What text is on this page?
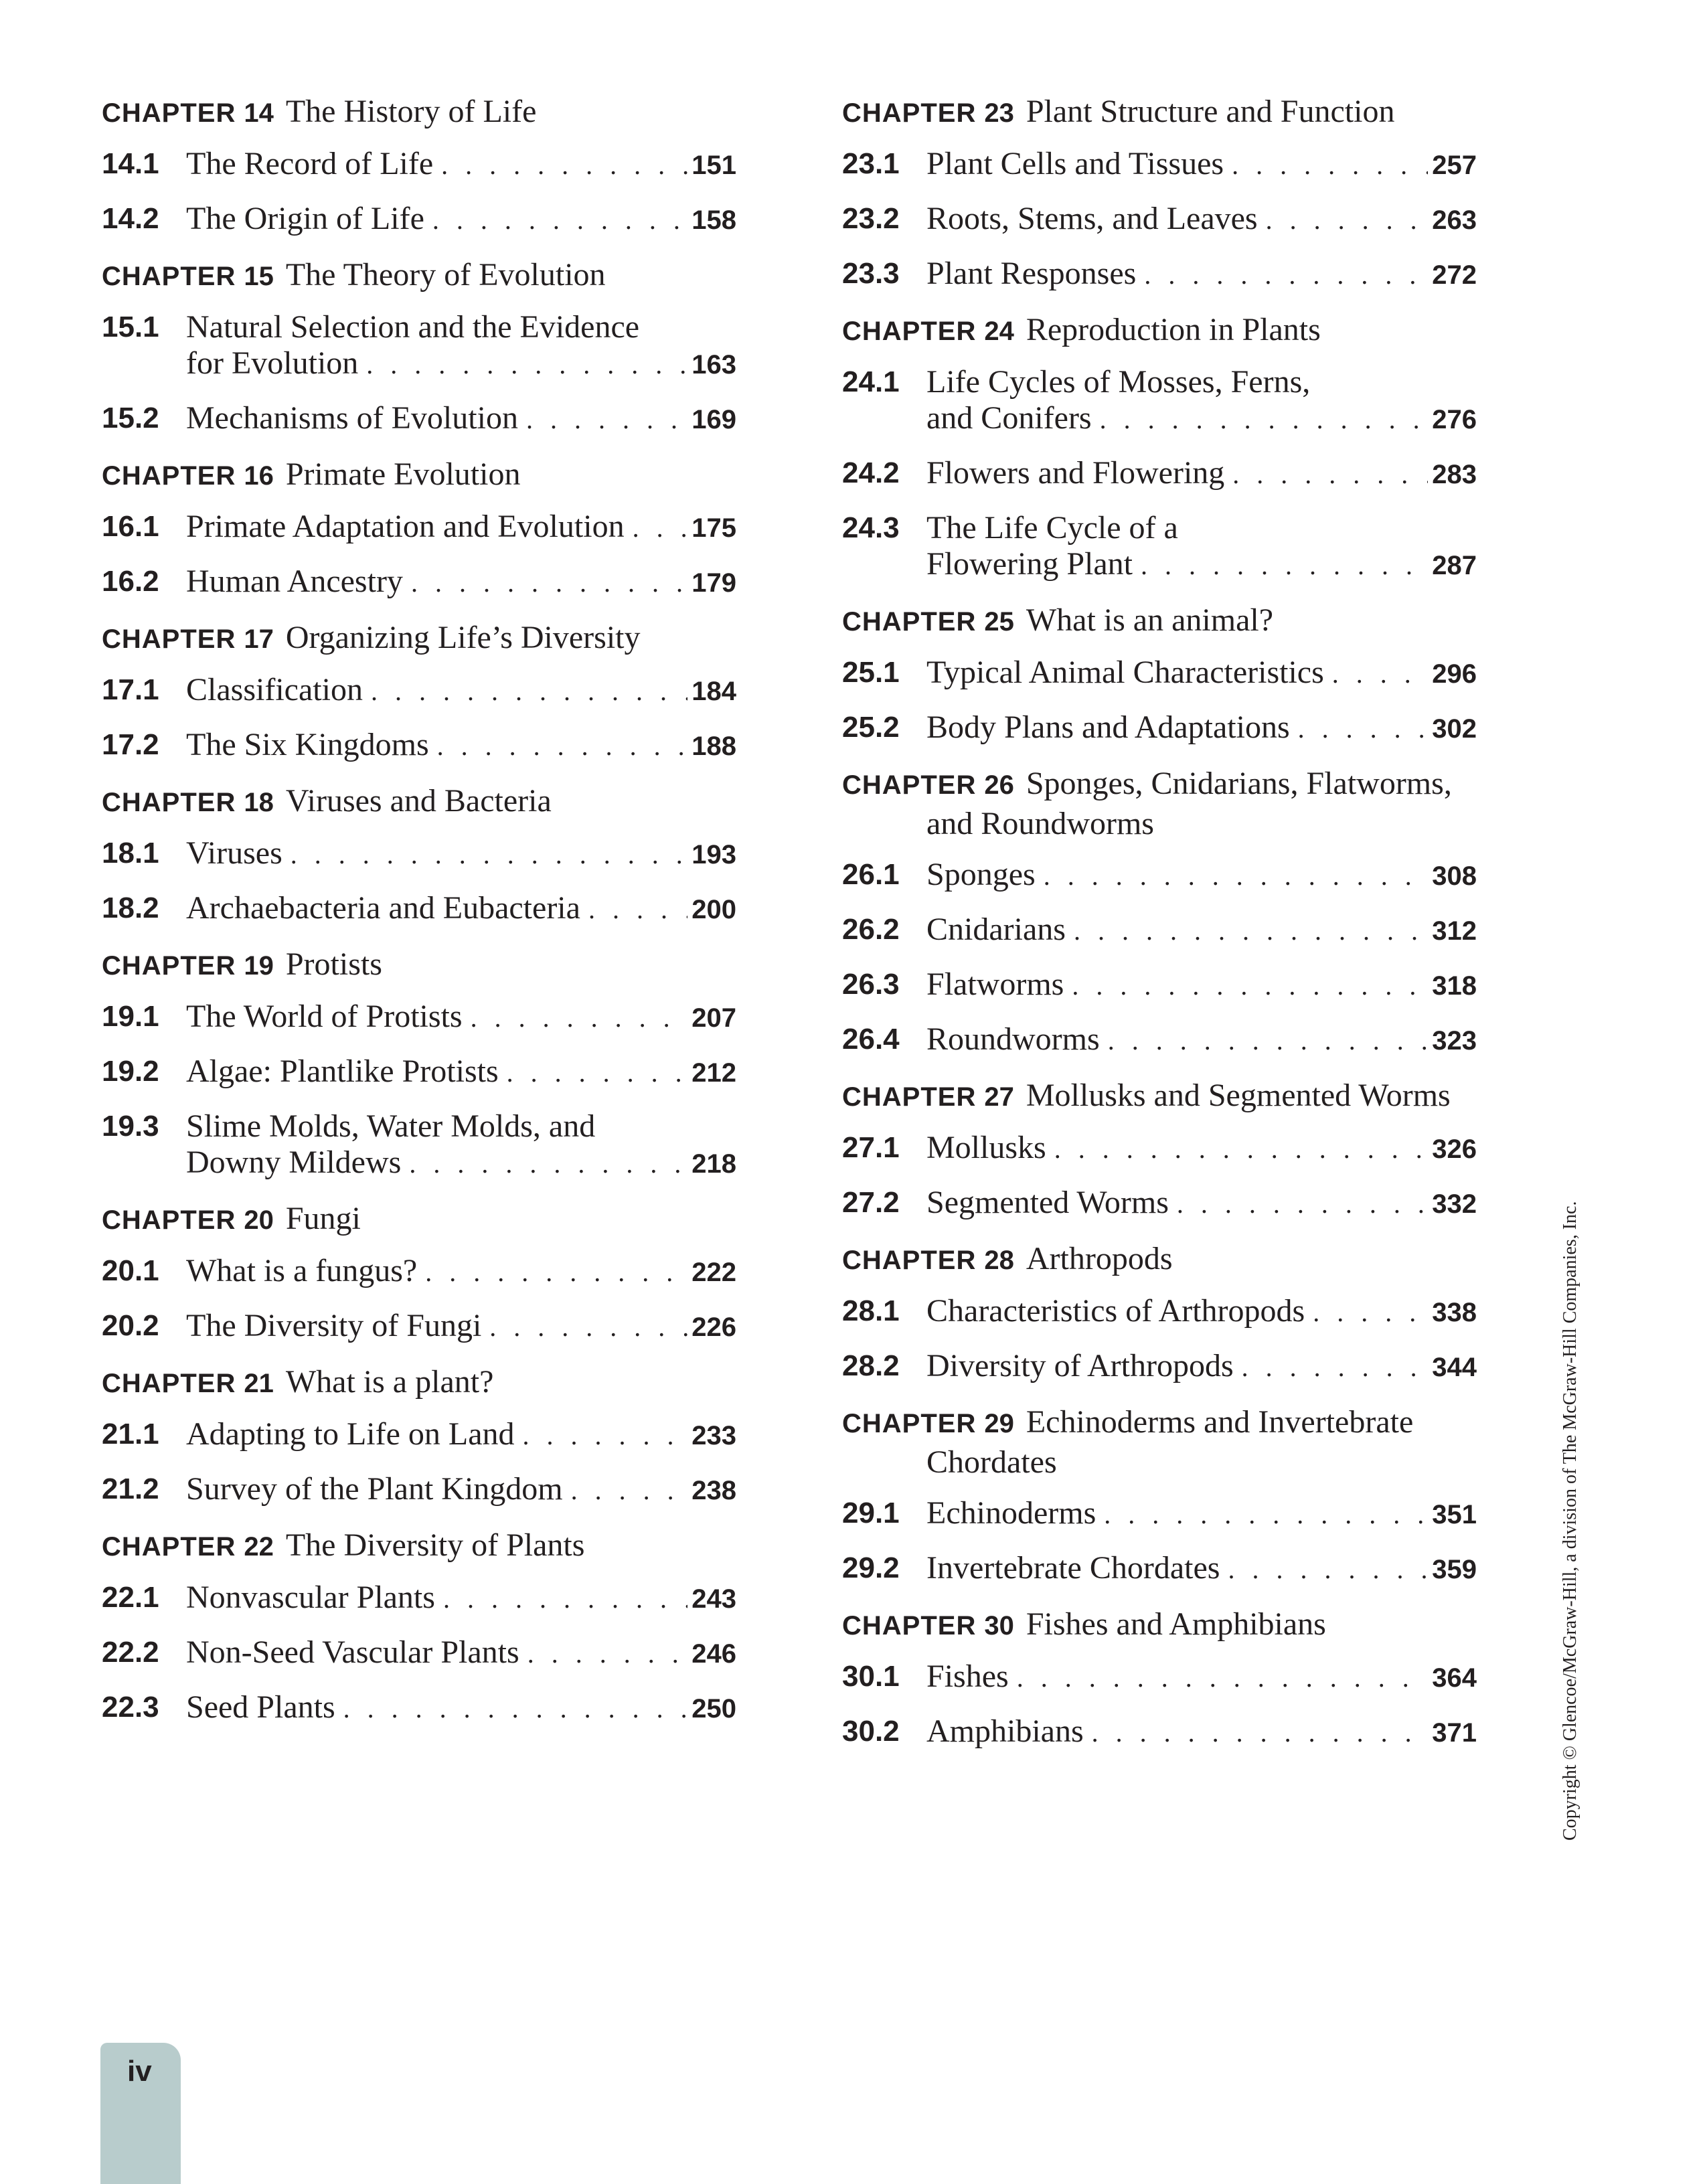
CHAPTER 14 The History of Life
14.1 The Record of Life . . .	151
14.2 The Origin of Life . . .	158
CHAPTER 15 The Theory of Evolution
15.1 Natural Selection and the Evidence
for Evolution . . .	163
15.2 Mechanisms of Evolution . . .	169
CHAPTER 16 Primate Evolution
16.1 Primate Adaptation and Evolution . . .	175
16.2 Human Ancestry . . .	179
CHAPTER 17 Organizing Life’s Diversity
17.1 Classification . . .	184
17.2 The Six Kingdoms . . .	188
CHAPTER 18 Viruses and Bacteria
18.1 Viruses . . .	193
18.2 Archaebacteria and Eubacteria . . .	200
CHAPTER 19 Protists
19.1 The World of Protists . . .	207
19.2 Algae: Plantlike Protists . . .	212
19.3 Slime Molds, Water Molds, and
Downy Mildews . . .	218
CHAPTER 20 Fungi
20.1 What is a fungus? . . .	222
20.2 The Diversity of Fungi . . .	226
CHAPTER 21 What is a plant?
21.1 Adapting to Life on Land . . .	233
21.2 Survey of the Plant Kingdom . . .	238
CHAPTER 22 The Diversity of Plants
22.1 Nonvascular Plants . . .	243
22.2 Non-Seed Vascular Plants . . .	246
22.3 Seed Plants . . .	250
CHAPTER 23 Plant Structure and Function
23.1 Plant Cells and Tissues . . .	257
23.2 Roots, Stems, and Leaves . . .	263
23.3 Plant Responses . . .	272
CHAPTER 24 Reproduction in Plants
24.1 Life Cycles of Mosses, Ferns,
and Conifers . . .	276
24.2 Flowers and Flowering . . .	283
24.3 The Life Cycle of a
Flowering Plant . . .	287
CHAPTER 25 What is an animal?
25.1 Typical Animal Characteristics . . .	296
25.2 Body Plans and Adaptations . . .	302
CHAPTER 26 Sponges, Cnidarians, Flatworms,
and Roundworms
26.1 Sponges . . .	308
26.2 Cnidarians . . .	312
26.3 Flatworms . . .	318
26.4 Roundworms . . .	323
CHAPTER 27 Mollusks and Segmented Worms
27.1 Mollusks . . .	326
27.2 Segmented Worms . . .	332
CHAPTER 28 Arthropods
28.1 Characteristics of Arthropods . . .	338
28.2 Diversity of Arthropods . . .	344
CHAPTER 29 Echinoderms and Invertebrate
Chordates
29.1 Echinoderms . . .	351
29.2 Invertebrate Chordates . . .	359
CHAPTER 30 Fishes and Amphibians
30.1 Fishes . . .	364
30.2 Amphibians . . .	371	Copyright © Glencoe/McGraw-Hill, a division of The McGraw-Hill Companies, Inc.
iv
